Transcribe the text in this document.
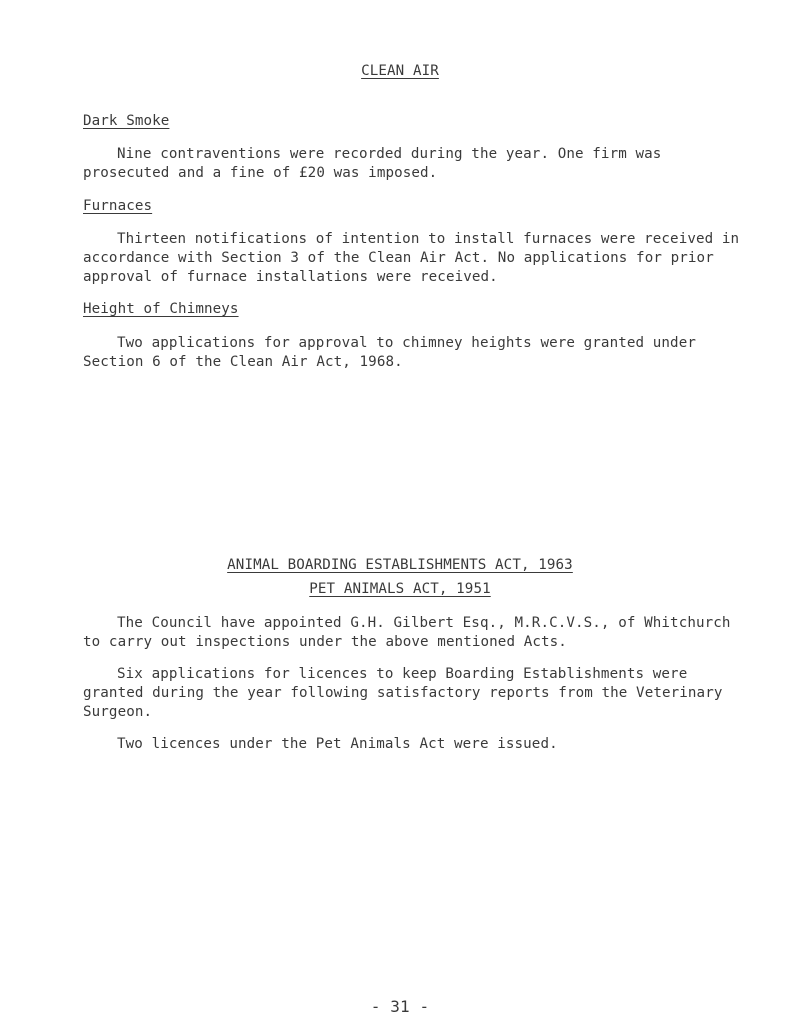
CLEAN AIR
Dark Smoke
Nine contraventions were recorded during the year. One firm was
prosecuted and a fine of £20 was imposed.
Furnaces
Thirteen notifications of intention to install furnaces were received in
accordance with Section 3 of the Clean Air Act. No applications for prior
approval of furnace installations were received.
Height of Chimneys
Two applications for approval to chimney heights were granted under
Section 6 of the Clean Air Act, 1968.
ANIMAL BOARDING ESTABLISHMENTS ACT, 1963
PET ANIMALS ACT, 1951
The Council have appointed G.H. Gilbert Esq., M.R.C.V.S., of Whitchurch
to carry out inspections under the above mentioned Acts.
Six applications for licences to keep Boarding Establishments were
granted during the year following satisfactory reports from the Veterinary
Surgeon.
Two licences under the Pet Animals Act were issued.
- 31 -
